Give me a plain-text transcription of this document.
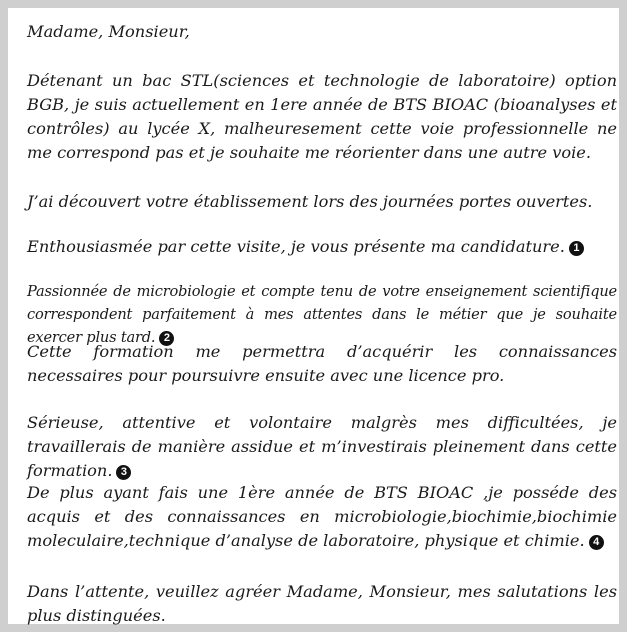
Madame, Monsieur,

Détenant un bac STL(sciences et technologie de laboratoire) option BGB, je suis actuellement en 1ere année de BTS BIOAC (bioanalyses et contrôles) au lycée X, malheuresement cette voie professionnelle ne me correspond pas et je souhaite me réorienter dans une autre voie.

J’ai découvert votre établissement lors des journées portes ouvertes.

Enthousiasmée par cette visite, je vous présente ma candidature. 1

Passionnée de microbiologie et compte tenu de votre enseignement scientifique correspondent parfaitement à mes attentes dans le métier que je souhaite exercer plus tard. 2

Cette formation me permettra d’acquérir les connaissances necessaires pour poursuivre ensuite avec une licence pro.

Sérieuse, attentive et volontaire malgrès mes difficultées, je travaillerais de manière assidue et m’investirais pleinement dans cette formation. 3

De plus ayant fais une 1ère année de BTS BIOAC ,je posséde des acquis et des connaissances en microbiologie,biochimie,biochimie moleculaire,technique d’analyse de laboratoire, physique et chimie. 4

Dans l’attente, veuillez agréer Madame, Monsieur, mes salutations les plus distinguées.
